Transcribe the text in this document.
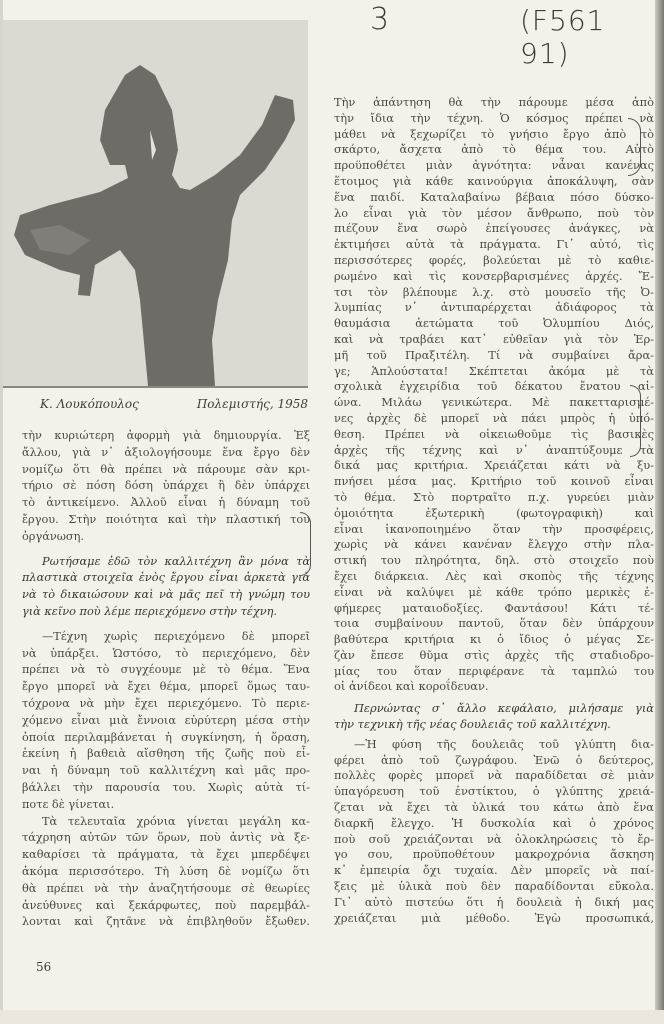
Κ. Λουκόπουλος	Πολεμιστής, 1958
3	(F561 91)
τὴν κυριώτερη ἀφορμὴ γιὰ δημιουργία. Ἐξ
ἄλλου, γιὰ ν᾽ ἀξιολογήσουμε ἕνα ἔργο δὲν
νομίζω ὅτι θὰ πρέπει νὰ πάρουμε σὰν κρι-
τήριο σὲ πόση δόση ὑπάρχει ἢ δὲν ὑπάρχει
τὸ ἀντικείμενο. Ἀλλοῦ εἶναι ἡ δύναμη τοῦ
ἔργου. Στὴν ποιότητα καὶ τὴν πλαστική του
ὀργάνωση.
Ρωτήσαμε ἐδῶ τὸν καλλιτέχνη ἂν μόνα τὰ
πλαστικὰ στοιχεῖα ἑνὸς ἔργου εἶναι ἀρκετὰ γιὰ
νὰ τὸ δικαιώσουν καὶ νὰ μᾶς πεῖ τὴ γνώμη του
γιὰ κεῖνο ποὺ λέμε περιεχόμενο στὴν τέχνη.
—Τέχνη χωρὶς περιεχόμενο δὲ μπορεῖ
νὰ ὑπάρξει. Ὡστόσο, τὸ περιεχόμενο, δὲν
πρέπει νὰ τὸ συγχέουμε μὲ τὸ θέμα. Ἕνα
ἔργο μπορεῖ νὰ ἔχει θέμα, μπορεῖ ὅμως ταυ-
τόχρονα νὰ μὴν ἔχει περιεχόμενο. Τὸ περιε-
χόμενο εἶναι μιὰ ἔννοια εὐρύτερη μέσα στὴν
ὁποία περιλαμβάνεται ἡ συγκίνηση, ἡ ὅραση,
ἐκείνη ἡ βαθειὰ αἴσθηση τῆς ζωῆς ποὺ εἶ-
ναι ἡ δύναμη τοῦ καλλιτέχνη καὶ μᾶς προ-
βάλλει τὴν παρουσία του. Χωρὶς αὐτὰ τί-
ποτε δὲ γίνεται.
Τὰ τελευταῖα χρόνια γίνεται μεγάλη κα-
τάχρηση αὐτῶν τῶν ὅρων, ποὺ ἀντὶς νὰ ξε-
καθαρίσει τὰ πράγματα, τὰ ἔχει μπερδέψει
ἀκόμα περισσότερο. Τὴ λύση δὲ νομίζω ὅτι
θὰ πρέπει νὰ τὴν ἀναζητήσουμε σὲ θεωρίες
ἀνεύθυνες καὶ ξεκάρφωτες, ποὺ παρεμβάλ-
λονται καὶ ζητᾶνε νὰ ἐπιβληθοῦν ἔξωθεν.
Τὴν ἀπάντηση θὰ τὴν πάρουμε μέσα ἀπὸ
τὴν ἴδια τὴν τέχνη. Ὁ κόσμος πρέπει νὰ
μάθει νὰ ξεχωρίζει τὸ γνήσιο ἔργο ἀπὸ τὸ
σκάρτο, ἄσχετα ἀπὸ τὸ θέμα του. Αὐτὸ
προϋποθέτει μιὰν ἀγνότητα: νἆναι κανένας
ἕτοιμος γιὰ κάθε καινούργια ἀποκάλυψη, σὰν
ἕνα παιδί. Καταλαβαίνω βέβαια πόσο δύσκο-
λο εἶναι γιὰ τὸν μέσον ἄνθρωπο, ποὺ τὸν
πιέζουν ἕνα σωρὸ ἐπείγουσες ἀνάγκες, νὰ
ἐκτιμήσει αὐτὰ τὰ πράγματα. Γι᾽ αὐτό, τὶς
περισσότερες φορές, βολεύεται μὲ τὸ καθιε-
ρωμένο καὶ τὶς κονσερβαρισμένες ἀρχές. Ἔ-
τσι τὸν βλέπουμε λ.χ. στὸ μουσεῖο τῆς Ὀ-
λυμπίας ν᾽ ἀντιπαρέρχεται ἀδιάφορος τὰ
θαυμάσια ἀετώματα τοῦ Ὀλυμπίου Διός,
καὶ νὰ τραβάει κατ᾽ εὐθεῖαν γιὰ τὸν Ἑρ-
μῆ τοῦ Πραξιτέλη. Τί νὰ συμβαίνει ἄρα-
γε; Ἁπλούστατα! Σκέπτεται ἀκόμα μὲ τὰ
σχολικὰ ἐγχειρίδια τοῦ δέκατου ἔνατου αἰ-
ώνα. Μιλάω γενικώτερα. Μὲ πακετταρισμέ-
νες ἀρχὲς δὲ μπορεῖ νὰ πάει μπρὸς ἡ ὑπό-
θεση. Πρέπει νὰ οἰκειωθοῦμε τὶς βασικὲς
ἀρχὲς τῆς τέχνης καὶ ν᾽ ἀναπτύξουμε τὰ
δικά μας κριτήρια. Χρειάζεται κάτι νὰ ξυ-
πνήσει μέσα μας. Κριτήριο τοῦ κοινοῦ εἶναι
τὸ θέμα. Στὸ πορτραῖτο π.χ. γυρεύει μιὰν
ὁμοιότητα ἐξωτερικὴ (φωτογραφικὴ) καὶ
εἶναι ἱκανοποιημένο ὅταν τὴν προσφέρεις,
χωρὶς νὰ κάνει κανέναν ἔλεγχο στὴν πλα-
στική του πληρότητα, δηλ. στὸ στοιχεῖο ποὺ
ἔχει διάρκεια. Λὲς καὶ σκοπὸς τῆς τέχνης
εἶναι νὰ καλύψει μὲ κάθε τρόπο μερικὲς ἐ-
φήμερες ματαιοδοξίες. Φαντάσου! Κάτι τέ-
τοια συμβαίνουν παντοῦ, ὅταν δὲν ὑπάρχουν
βαθύτερα κριτήρια κι ὁ ἴδιος ὁ μέγας Σε-
ζὰν ἔπεσε θῦμα στὶς ἀρχὲς τῆς σταδιοδρο-
μίας του ὅταν περιφέρανε τὰ ταμπλώ του
οἱ ἀνίδεοι καὶ κοροΐδευαν.
Περνώντας σ᾽ ἄλλο κεφάλαιο, μιλήσαμε γιὰ
τὴν τεχνικὴ τῆς νέας δουλειᾶς τοῦ καλλιτέχνη.
—Ἡ φύση τῆς δουλειᾶς τοῦ γλύπτη δια-
φέρει ἀπὸ τοῦ ζωγράφου. Ἐνῶ ὁ δεύτερος,
πολλὲς φορὲς μπορεῖ νὰ παραδίδεται σὲ μιὰν
ὑπαγόρευση τοῦ ἐνστίκτου, ὁ γλύπτης χρειά-
ζεται νὰ ἔχει τὰ ὑλικά του κάτω ἀπὸ ἕνα
διαρκῆ ἔλεγχο. Ἡ δυσκολία καὶ ὁ χρόνος
ποὺ σοῦ χρειάζονται νὰ ὁλοκληρώσεις τὸ ἔρ-
γο σου, προϋποθέτουν μακροχρόνια ἄσκηση
κ᾽ ἐμπειρία ὄχι τυχαία. Δὲν μπορεῖς νὰ παί-
ξεις μὲ ὑλικὰ ποὺ δὲν παραδίδονται εὔκολα.
Γι᾽ αὐτὸ πιστεύω ὅτι ἡ δουλειὰ ἡ δική μας
χρειάζεται μιὰ μέθοδο. Ἐγὼ προσωπικά,
56
